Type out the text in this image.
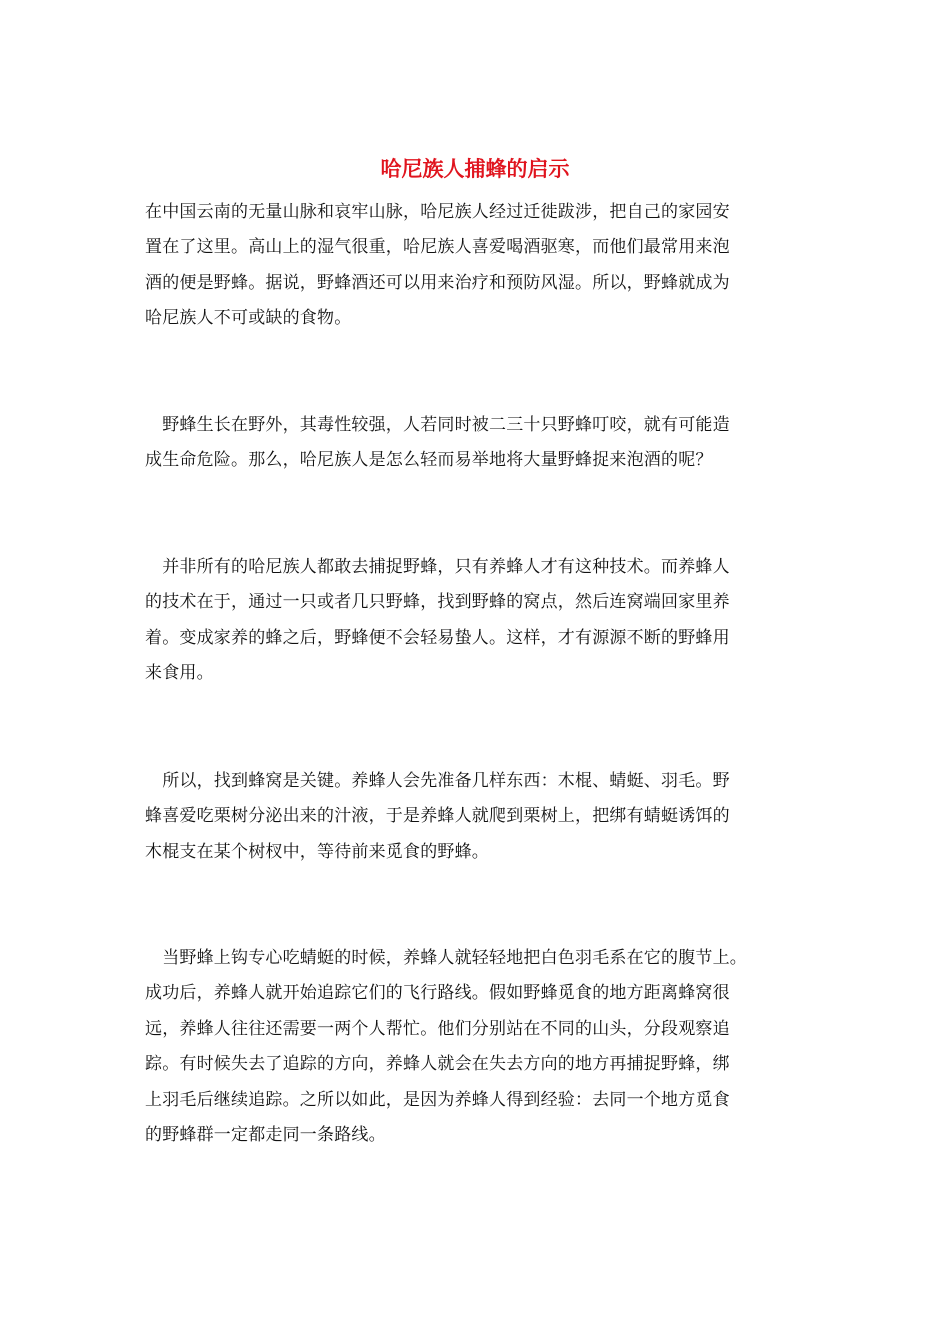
哈尼族人捕蜂的启示

在中国云南的无量山脉和哀牢山脉，哈尼族人经过迁徙跋涉，把自己的家园安
置在了这里。高山上的湿气很重，哈尼族人喜爱喝酒驱寒，而他们最常用来泡
酒的便是野蜂。据说，野蜂酒还可以用来治疗和预防风湿。所以，野蜂就成为
哈尼族人不可或缺的食物。

　野蜂生长在野外，其毒性较强，人若同时被二三十只野蜂叮咬，就有可能造
成生命危险。那么，哈尼族人是怎么轻而易举地将大量野蜂捉来泡酒的呢？

　并非所有的哈尼族人都敢去捕捉野蜂，只有养蜂人才有这种技术。而养蜂人
的技术在于，通过一只或者几只野蜂，找到野蜂的窝点，然后连窝端回家里养
着。变成家养的蜂之后，野蜂便不会轻易蛰人。这样，才有源源不断的野蜂用
来食用。

　所以，找到蜂窝是关键。养蜂人会先准备几样东西：木棍、蜻蜓、羽毛。野
蜂喜爱吃栗树分泌出来的汁液，于是养蜂人就爬到栗树上，把绑有蜻蜓诱饵的
木棍支在某个树杈中，等待前来觅食的野蜂。

　当野蜂上钩专心吃蜻蜓的时候，养蜂人就轻轻地把白色羽毛系在它的腹节上。
成功后，养蜂人就开始追踪它们的飞行路线。假如野蜂觅食的地方距离蜂窝很
远，养蜂人往往还需要一两个人帮忙。他们分别站在不同的山头，分段观察追
踪。有时候失去了追踪的方向，养蜂人就会在失去方向的地方再捕捉野蜂，绑
上羽毛后继续追踪。之所以如此，是因为养蜂人得到经验：去同一个地方觅食
的野蜂群一定都走同一条路线。
